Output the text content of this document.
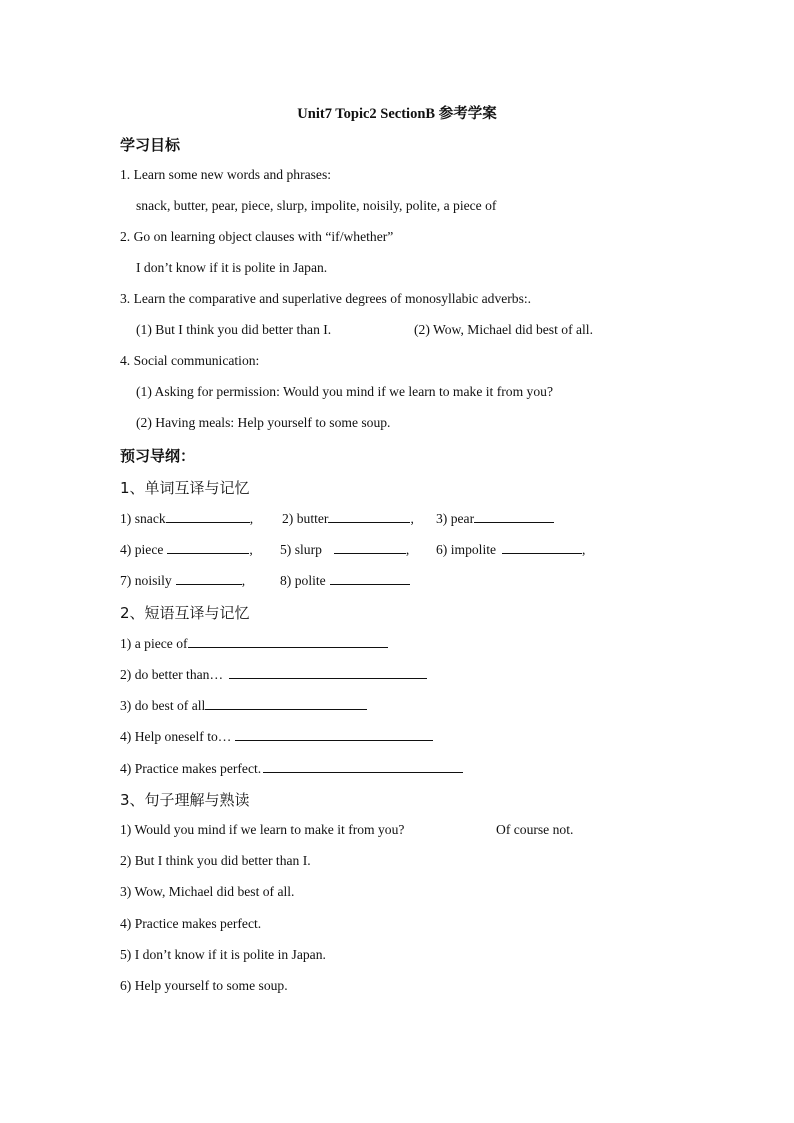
Unit7 Topic2 SectionB 参考学案
学习目标
1. Learn some new words and phrases:
snack, butter, pear, piece, slurp, impolite, noisily, polite, a piece of
2. Go on learning object clauses with “if/whether”
I don’t know if it is polite in Japan.
3. Learn the comparative and superlative degrees of monosyllabic adverbs:.
(1) But I think you did better than I.	(2) Wow, Michael did best of all.
4. Social communication:
(1) Asking for permission: Would you mind if we learn to make it from you?
(2) Having meals: Help yourself to some soup.
预习导纲：
1、单词互译与记忆
1) snack	, 2) butter	, 3) pear
4) piece	, 5) slurp	, 6) impolite	,
7) noisily	,	8) polite
2、短语互译与记忆
1) a piece of
2) do better than…
3) do best of all
4) Help oneself to…
4) Practice makes perfect.
3、句子理解与熟读
1) Would you mind if we learn to make it from you?	Of course not.
2) But I think you did better than I.
3) Wow, Michael did best of all.
4) Practice makes perfect.
5) I don’t know if it is polite in Japan.
6) Help yourself to some soup.
